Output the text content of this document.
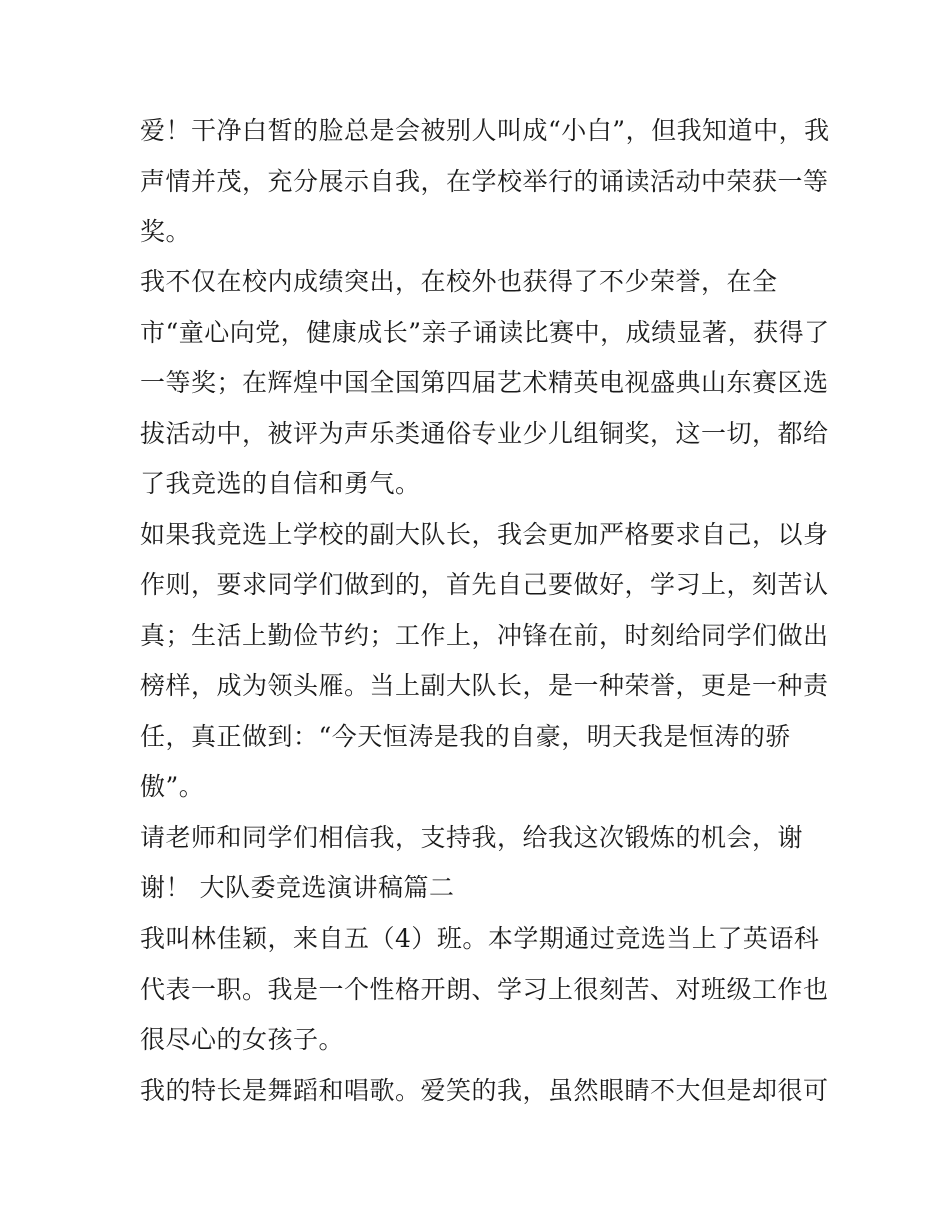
爱！干净白皙的脸总是会被别人叫成“小白”，但我知道中，我
声情并茂，充分展示自我，在学校举行的诵读活动中荣获一等
奖。
我不仅在校内成绩突出，在校外也获得了不少荣誉，在全
市“童心向党，健康成长”亲子诵读比赛中，成绩显著，获得了
一等奖；在辉煌中国全国第四届艺术精英电视盛典山东赛区选
拔活动中，被评为声乐类通俗专业少儿组铜奖，这一切，都给
了我竞选的自信和勇气。
如果我竞选上学校的副大队长，我会更加严格要求自己，以身
作则，要求同学们做到的，首先自己要做好，学习上，刻苦认
真；生活上勤俭节约；工作上，冲锋在前，时刻给同学们做出
榜样，成为领头雁。当上副大队长，是一种荣誉，更是一种责
任，真正做到：“今天恒涛是我的自豪，明天我是恒涛的骄
傲”。
请老师和同学们相信我，支持我，给我这次锻炼的机会，谢
谢！ 大队委竞选演讲稿篇二
我叫林佳颖，来自五（4）班。本学期通过竞选当上了英语科
代表一职。我是一个性格开朗、学习上很刻苦、对班级工作也
很尽心的女孩子。
我的特长是舞蹈和唱歌。爱笑的我，虽然眼睛不大但是却很可
